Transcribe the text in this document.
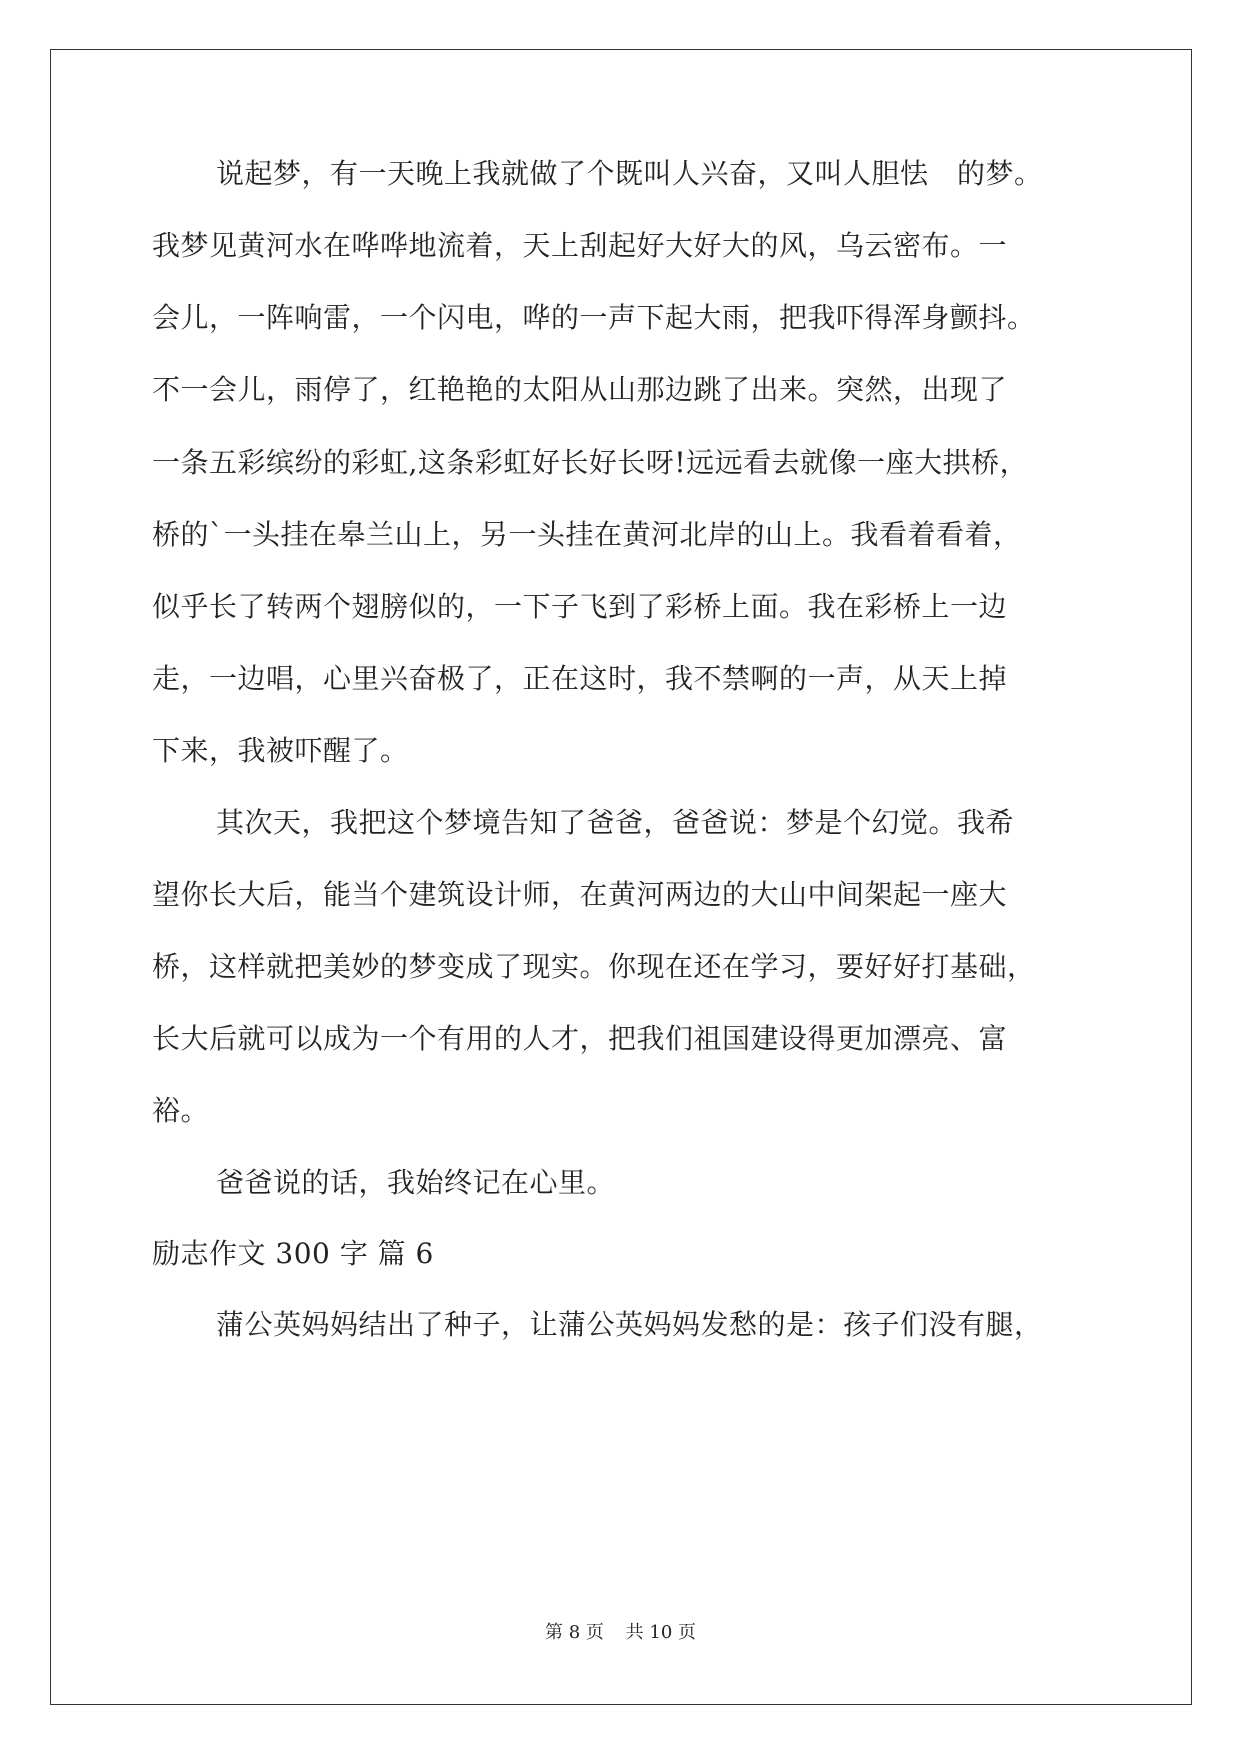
说起梦，有一天晚上我就做了个既叫人兴奋，又叫人胆怯　的梦。
我梦见黄河水在哗哗地流着，天上刮起好大好大的风，乌云密布。一
会儿，一阵响雷，一个闪电，哗的一声下起大雨，把我吓得浑身颤抖。
不一会儿，雨停了，红艳艳的太阳从山那边跳了出来。突然，出现了
一条五彩缤纷的彩虹,这条彩虹好长好长呀!远远看去就像一座大拱桥，
桥的`一头挂在皋兰山上，另一头挂在黄河北岸的山上。我看着看着，
似乎长了转两个翅膀似的，一下子飞到了彩桥上面。我在彩桥上一边
走，一边唱，心里兴奋极了，正在这时，我不禁啊的一声，从天上掉
下来，我被吓醒了。
其次天，我把这个梦境告知了爸爸，爸爸说：梦是个幻觉。我希
望你长大后，能当个建筑设计师，在黄河两边的大山中间架起一座大
桥，这样就把美妙的梦变成了现实。你现在还在学习，要好好打基础，
长大后就可以成为一个有用的人才，把我们祖国建设得更加漂亮、富
裕。
爸爸说的话，我始终记在心里。
励志作文 300 字 篇 6
蒲公英妈妈结出了种子，让蒲公英妈妈发愁的是：孩子们没有腿，
第 8 页 共 10 页
